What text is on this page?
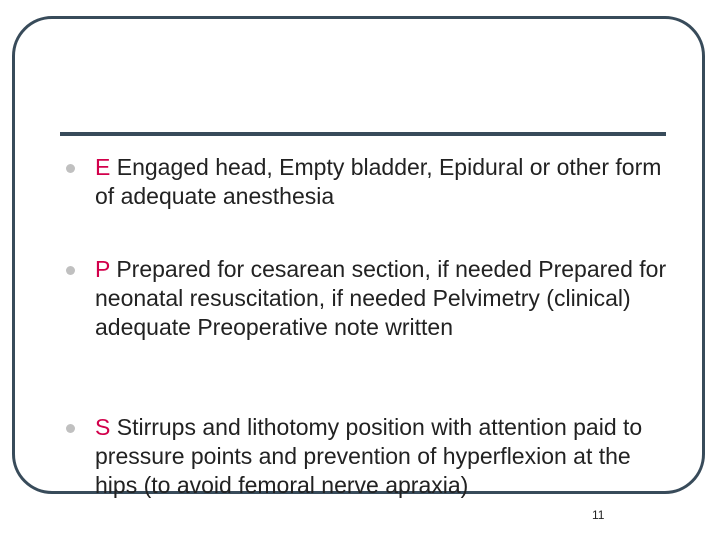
E Engaged head, Empty bladder, Epidural or other form of adequate anesthesia
P Prepared for cesarean section, if needed Prepared for neonatal resuscitation, if needed Pelvimetry (clinical) adequate Preoperative note written
S Stirrups and lithotomy position with attention paid to pressure points and prevention of hyperflexion at the hips (to avoid femoral nerve apraxia)
11
